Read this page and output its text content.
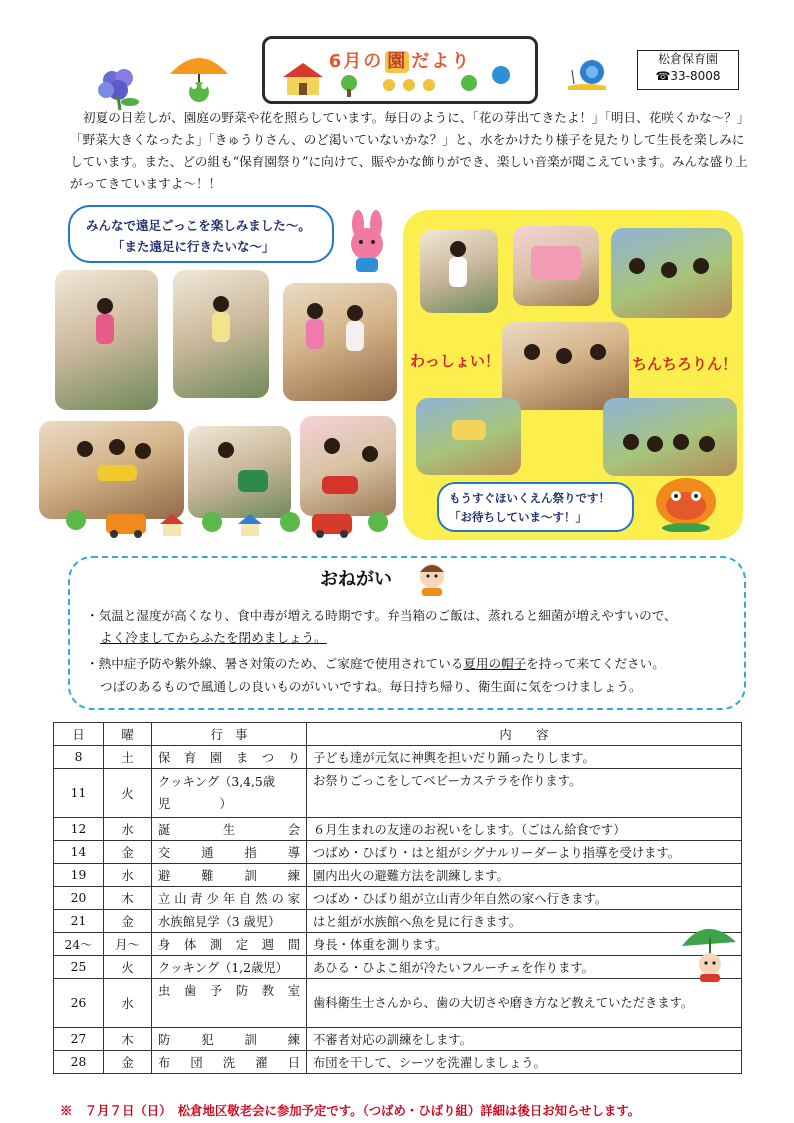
6月の 園 だより	松倉保育園
☎33-8008
初夏の日差しが、園庭の野菜や花を照らしています。毎日のように、「花の芽出てきたよ！」「明日、花咲くかな～？」「野菜大きくなったよ」「きゅうりさん、のど渇いていないかな？」と、水をかけたり様子を見たりして生長を楽しみにしています。また、どの組も“保育園祭り”に向けて、賑やかな飾りができ、楽しい音楽が聞こえています。みんな盛り上がってきていますよ～！！
みんなで遠足ごっこを楽しみました～。
「また遠足に行きたいな～」
わっしょい！	ちんちろりん！
もうすぐほいくえん祭りです！
「お待ちしていま～す！」
おねがい
・気温と湿度が高くなり、食中毒が増える時期です。弁当箱のご飯は、蒸れると細菌が増えやすいので、
よく冷ましてからふたを閉めましょう。
・熱中症予防や紫外線、暑さ対策のため、ご家庭で使用されている夏用の帽子を持って来てください。
つばのあるもので風通しの良いものがいいですね。毎日持ち帰り、衛生面に気をつけましょう。
日	曜	行　事	内　　容
8	土	保育園まつり	子ども達が元気に神輿を担いだり踊ったりします。
11	火	クッキング（3,4,5歳児　　　　）	お祭りごっこをしてベビーカステラを作ります。
12	水	誕生会	６月生まれの友達のお祝いをします。（ごはん給食です）
14	金	交通指導	つばめ・ひばり・はと組がシグナルリーダーより指導を受けます。
19	水	避難訓練	園内出火の避難方法を訓練します。
20	木	立山青少年自然の家	つばめ・ひばり組が立山青少年自然の家へ行きます。
21	金	水族館見学（3 歳児）	はと組が水族館へ魚を見に行きます。
24～	月～	身体測定週間	身長・体重を測ります。
25	火	クッキング（1,2歳児）	あひる・ひよこ組が冷たいフルーチェを作ります。
26	水	虫歯予防教室	歯科衛生士さんから、歯の大切さや磨き方など教えていただきます。
27	木	防犯訓練	不審者対応の訓練をします。
28	金	布団洗濯日	布団を干して、シーツを洗濯しましょう。
※　７月７日（日）　松倉地区敬老会に参加予定です。（つばめ・ひばり組）詳細は後日お知らせします。
